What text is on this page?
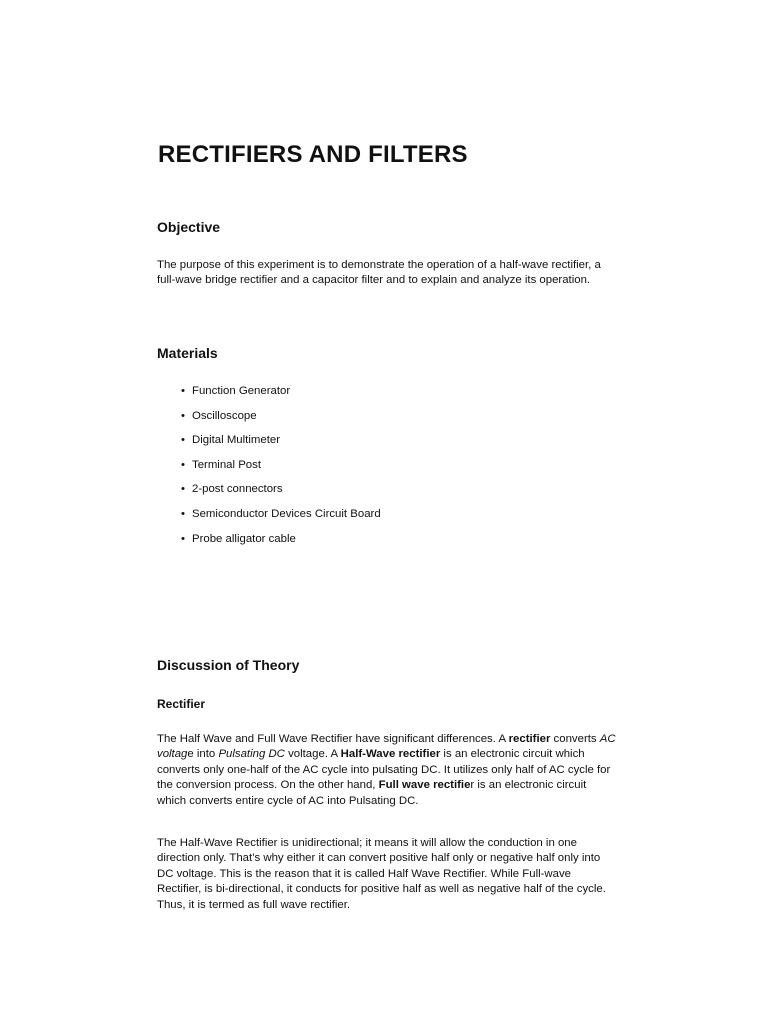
RECTIFIERS AND FILTERS
Objective

The purpose of this experiment is to demonstrate the operation of a half-wave rectifier, a full-wave bridge rectifier and a capacitor filter and to explain and analyze its operation.

Materials
• Function Generator
• Oscilloscope
• Digital Multimeter
• Terminal Post
• 2-post connectors
• Semiconductor Devices Circuit Board
• Probe alligator cable
Discussion of Theory
Rectifier

The Half Wave and Full Wave Rectifier have significant differences. A rectifier converts AC voltage into Pulsating DC voltage. A Half-Wave rectifier is an electronic circuit which converts only one-half of the AC cycle into pulsating DC. It utilizes only half of AC cycle for the conversion process. On the other hand, Full wave rectifier is an electronic circuit which converts entire cycle of AC into Pulsating DC.

The Half-Wave Rectifier is unidirectional; it means it will allow the conduction in one direction only. That’s why either it can convert positive half only or negative half only into DC voltage. This is the reason that it is called Half Wave Rectifier. While Full-wave Rectifier, is bi-directional, it conducts for positive half as well as negative half of the cycle. Thus, it is termed as full wave rectifier.
